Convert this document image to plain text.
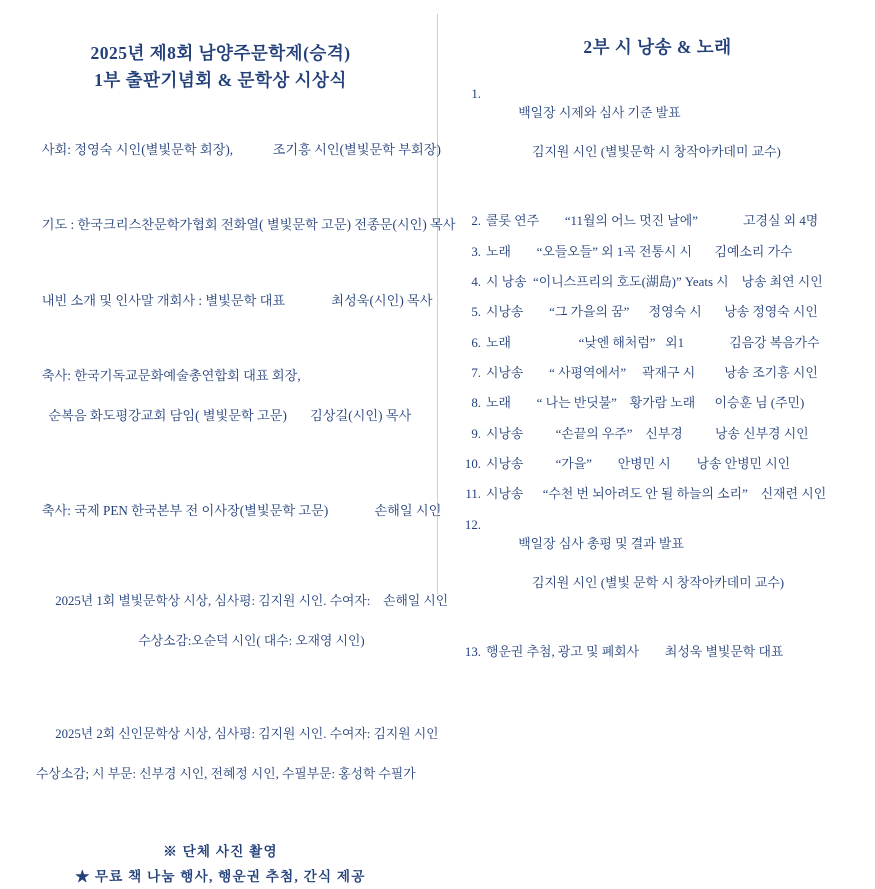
2025년 제8회 남양주문학제(승격)
1부 출판기념회 & 문학상 시상식

사회: 정영숙 시인(별빛문학 회장),            조기흥 시인(별빛문학 부회장)

기도 : 한국크리스찬문학가협회 전화열( 별빛문학 고문) 전종문(시인) 목사

내빈 소개 및 인사말 개회사 : 별빛문학 대표              최성욱(시인) 목사

축사: 한국기독교문화예술총연합회 대표 회장,

순복음 화도평강교회 담임( 별빛문학 고문)       김상길(시인) 목사

축사: 국제 PEN 한국본부 전 이사장(별빛문학 고문)              손해일 시인

2025년 1회 별빛문학상 시상, 심사평: 김지원 시인. 수여자:    손해일 시인

수상소감:오순덕 시인( 대수: 오재영 시인)

2025년 2회 신인문학상 시상, 심사평: 김지원 시인. 수여자: 김지원 시인

수상소감; 시 부문: 신부경 시인, 전혜정 시인, 수필부문: 홍성학 수필가

※ 단체 사진 촬영
★ 무료 책 나눔 행사, 행운권 추첨, 간식 제공
2부 시 낭송 & 노래
1.

백일장 시제와 심사 기준 발표

김지원 시인 (별빛문학 시 창작아카데미 교수)

2. 콜롯 연주        “11월의 어느 멋진 날에”              고경실 외 4명
3. 노래        “오들오들” 외 1곡 전통시 시       김예소리 가수
4. 시 낭송  “이니스프리의 호도(湖島)” Yeats 시    낭송 최연 시인
5. 시낭송        “그 가을의 꿈”      정영숙 시       낭송 정영숙 시인
6. 노래                     “낮엔 해처럼”   외1              김음강 복음가수
7. 시낭송        “ 사평역에서”     곽재구 시         낭송 조기흥 시인
8. 노래        “ 나는 반딧불”    황가람 노래      이승훈 님 (주민)
9. 시낭송          “손끝의 우주”    신부경          낭송 신부경 시인
10. 시낭송          “가을”        안병민 시        낭송 안병민 시인
11. 시낭송      “수천 번 뇌아려도 안 될 하늘의 소리”    신재련 시인
12.

백일장 심사 총평 및 결과 발표

김지원 시인 (별빛 문학 시 창작아카데미 교수)

13. 행운권 추첨, 광고 및 폐회사        최성욱 별빛문학 대표
